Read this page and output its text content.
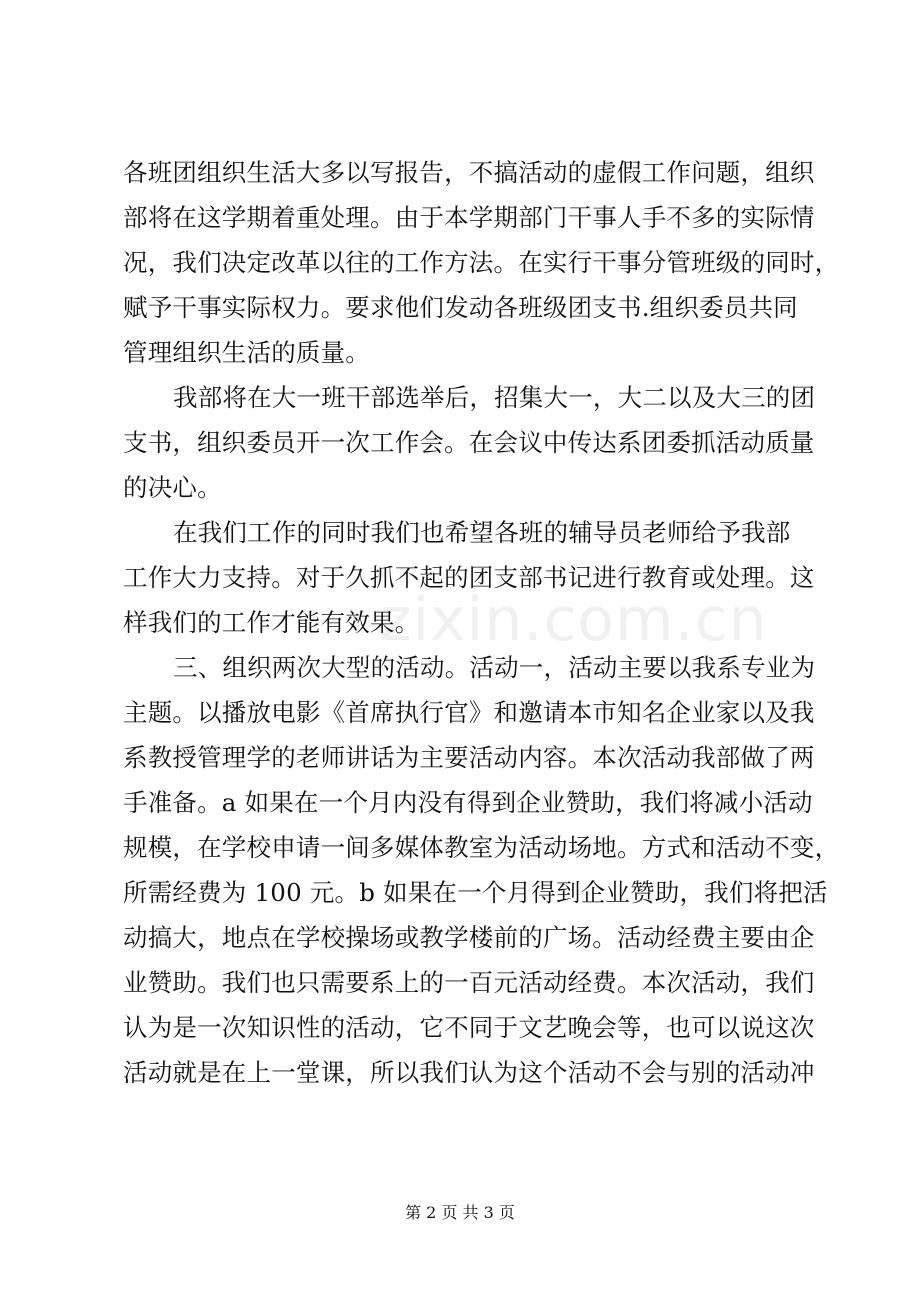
zixin.com.cn
各班团组织生活大多以写报告，不搞活动的虚假工作问题，组织
部将在这学期着重处理。由于本学期部门干事人手不多的实际情
况，我们决定改革以往的工作方法。在实行干事分管班级的同时，
赋予干事实际权力。要求他们发动各班级团支书.组织委员共同
管理组织生活的质量。
我部将在大一班干部选举后，招集大一，大二以及大三的团
支书，组织委员开一次工作会。在会议中传达系团委抓活动质量
的决心。
在我们工作的同时我们也希望各班的辅导员老师给予我部
工作大力支持。对于久抓不起的团支部书记进行教育或处理。这
样我们的工作才能有效果。
三、组织两次大型的活动。活动一，活动主要以我系专业为
主题。以播放电影《首席执行官》和邀请本市知名企业家以及我
系教授管理学的老师讲话为主要活动内容。本次活动我部做了两
手准备。a 如果在一个月内没有得到企业赞助，我们将减小活动
规模，在学校申请一间多媒体教室为活动场地。方式和活动不变，
所需经费为 100 元。b 如果在一个月得到企业赞助，我们将把活
动搞大，地点在学校操场或教学楼前的广场。活动经费主要由企
业赞助。我们也只需要系上的一百元活动经费。本次活动，我们
认为是一次知识性的活动，它不同于文艺晚会等，也可以说这次
活动就是在上一堂课，所以我们认为这个活动不会与别的活动冲
第 2 页 共 3 页
